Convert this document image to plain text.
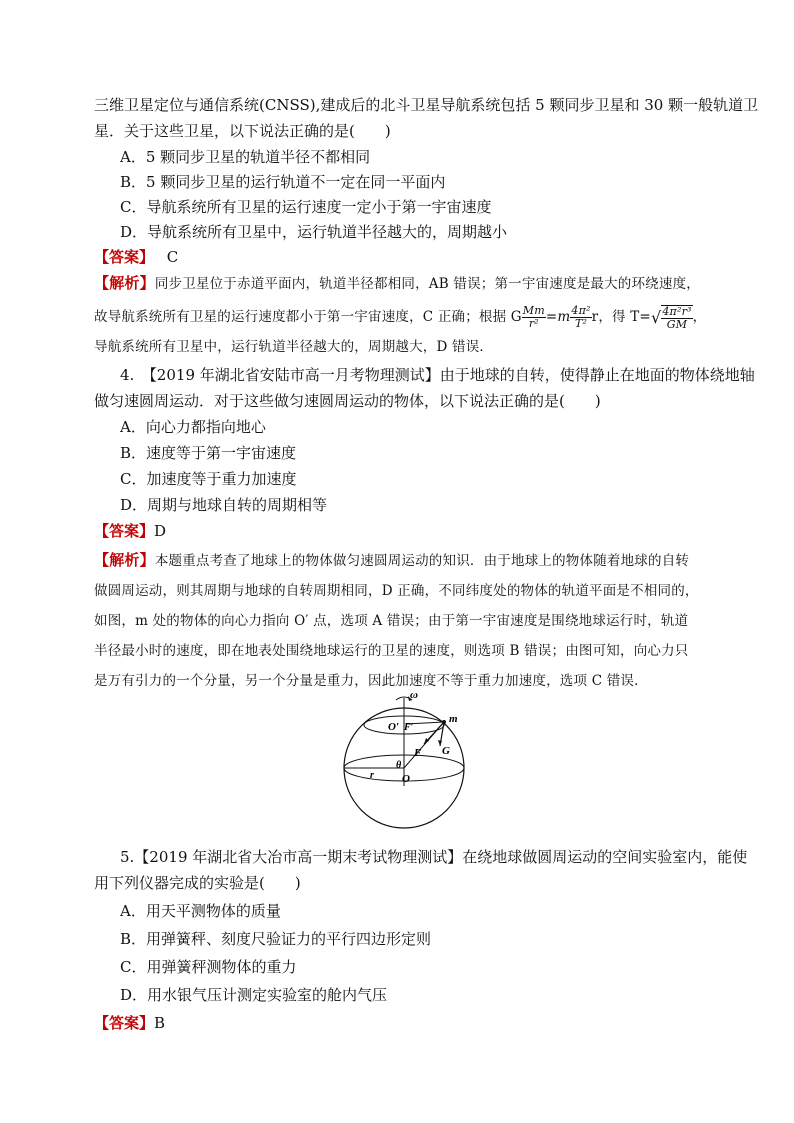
三维卫星定位与通信系统(CNSS),建成后的北斗卫星导航系统包括 5 颗同步卫星和 30 颗一般轨道卫
星．关于这些卫星，以下说法正确的是(　　)
A．5 颗同步卫星的轨道半径不都相同
B．5 颗同步卫星的运行轨道不一定在同一平面内
C．导航系统所有卫星的运行速度一定小于第一宇宙速度
D．导航系统所有卫星中，运行轨道半径越大的，周期越小
【答案】 C
【解析】同步卫星位于赤道平面内，轨道半径都相同，AB 错误；第一宇宙速度是最大的环绕速度，
故导航系统所有卫星的运行速度都小于第一宇宙速度，C 正确；根据 G $\frac{Mm}{\text{r²}} =m \frac{\text{4π²}}{\text{T²}}$ r，得 $T=√ \frac{\text{4π²r³}}{GM}$ ，
导航系统所有卫星中，运行轨道半径越大的，周期越大，D 错误．
4.　【2019 年湖北省安陆市高一月考物理测试】由于地球的自转，使得静止在地面的物体绕地轴
做匀速圆周运动．对于这些做匀速圆周运动的物体，以下说法正确的是(　　)
A．向心力都指向地心
B．速度等于第一宇宙速度
C．加速度等于重力加速度
D．周期与地球自转的周期相等
【答案】D
【解析】本题重点考查了地球上的物体做匀速圆周运动的知识．由于地球上的物体随着地球的自转
做圆周运动，则其周期与地球的自转周期相同，D 正确，不同纬度处的物体的轨道平面是不相同的，
如图，m 处的物体的向心力指向 O′ 点，选项 A 错误；由于第一宇宙速度是围绕地球运行时，轨道
半径最小时的速度，即在地表处围绕地球运行的卫星的速度，则选项 B 错误；由图可知，向心力只
是万有引力的一个分量，另一个分量是重力，因此加速度不等于重力加速度，选项 C 错误．
ω
O′ F′
m
F G
θ
r	O
5.【2019 年湖北省大冶市高一期末考试物理测试】在绕地球做圆周运动的空间实验室内，能使
用下列仪器完成的实验是(　　)
A．用天平测物体的质量
B．用弹簧秤、刻度尺验证力的平行四边形定则
C．用弹簧秤测物体的重力
D．用水银气压计测定实验室的舱内气压
【答案】B
